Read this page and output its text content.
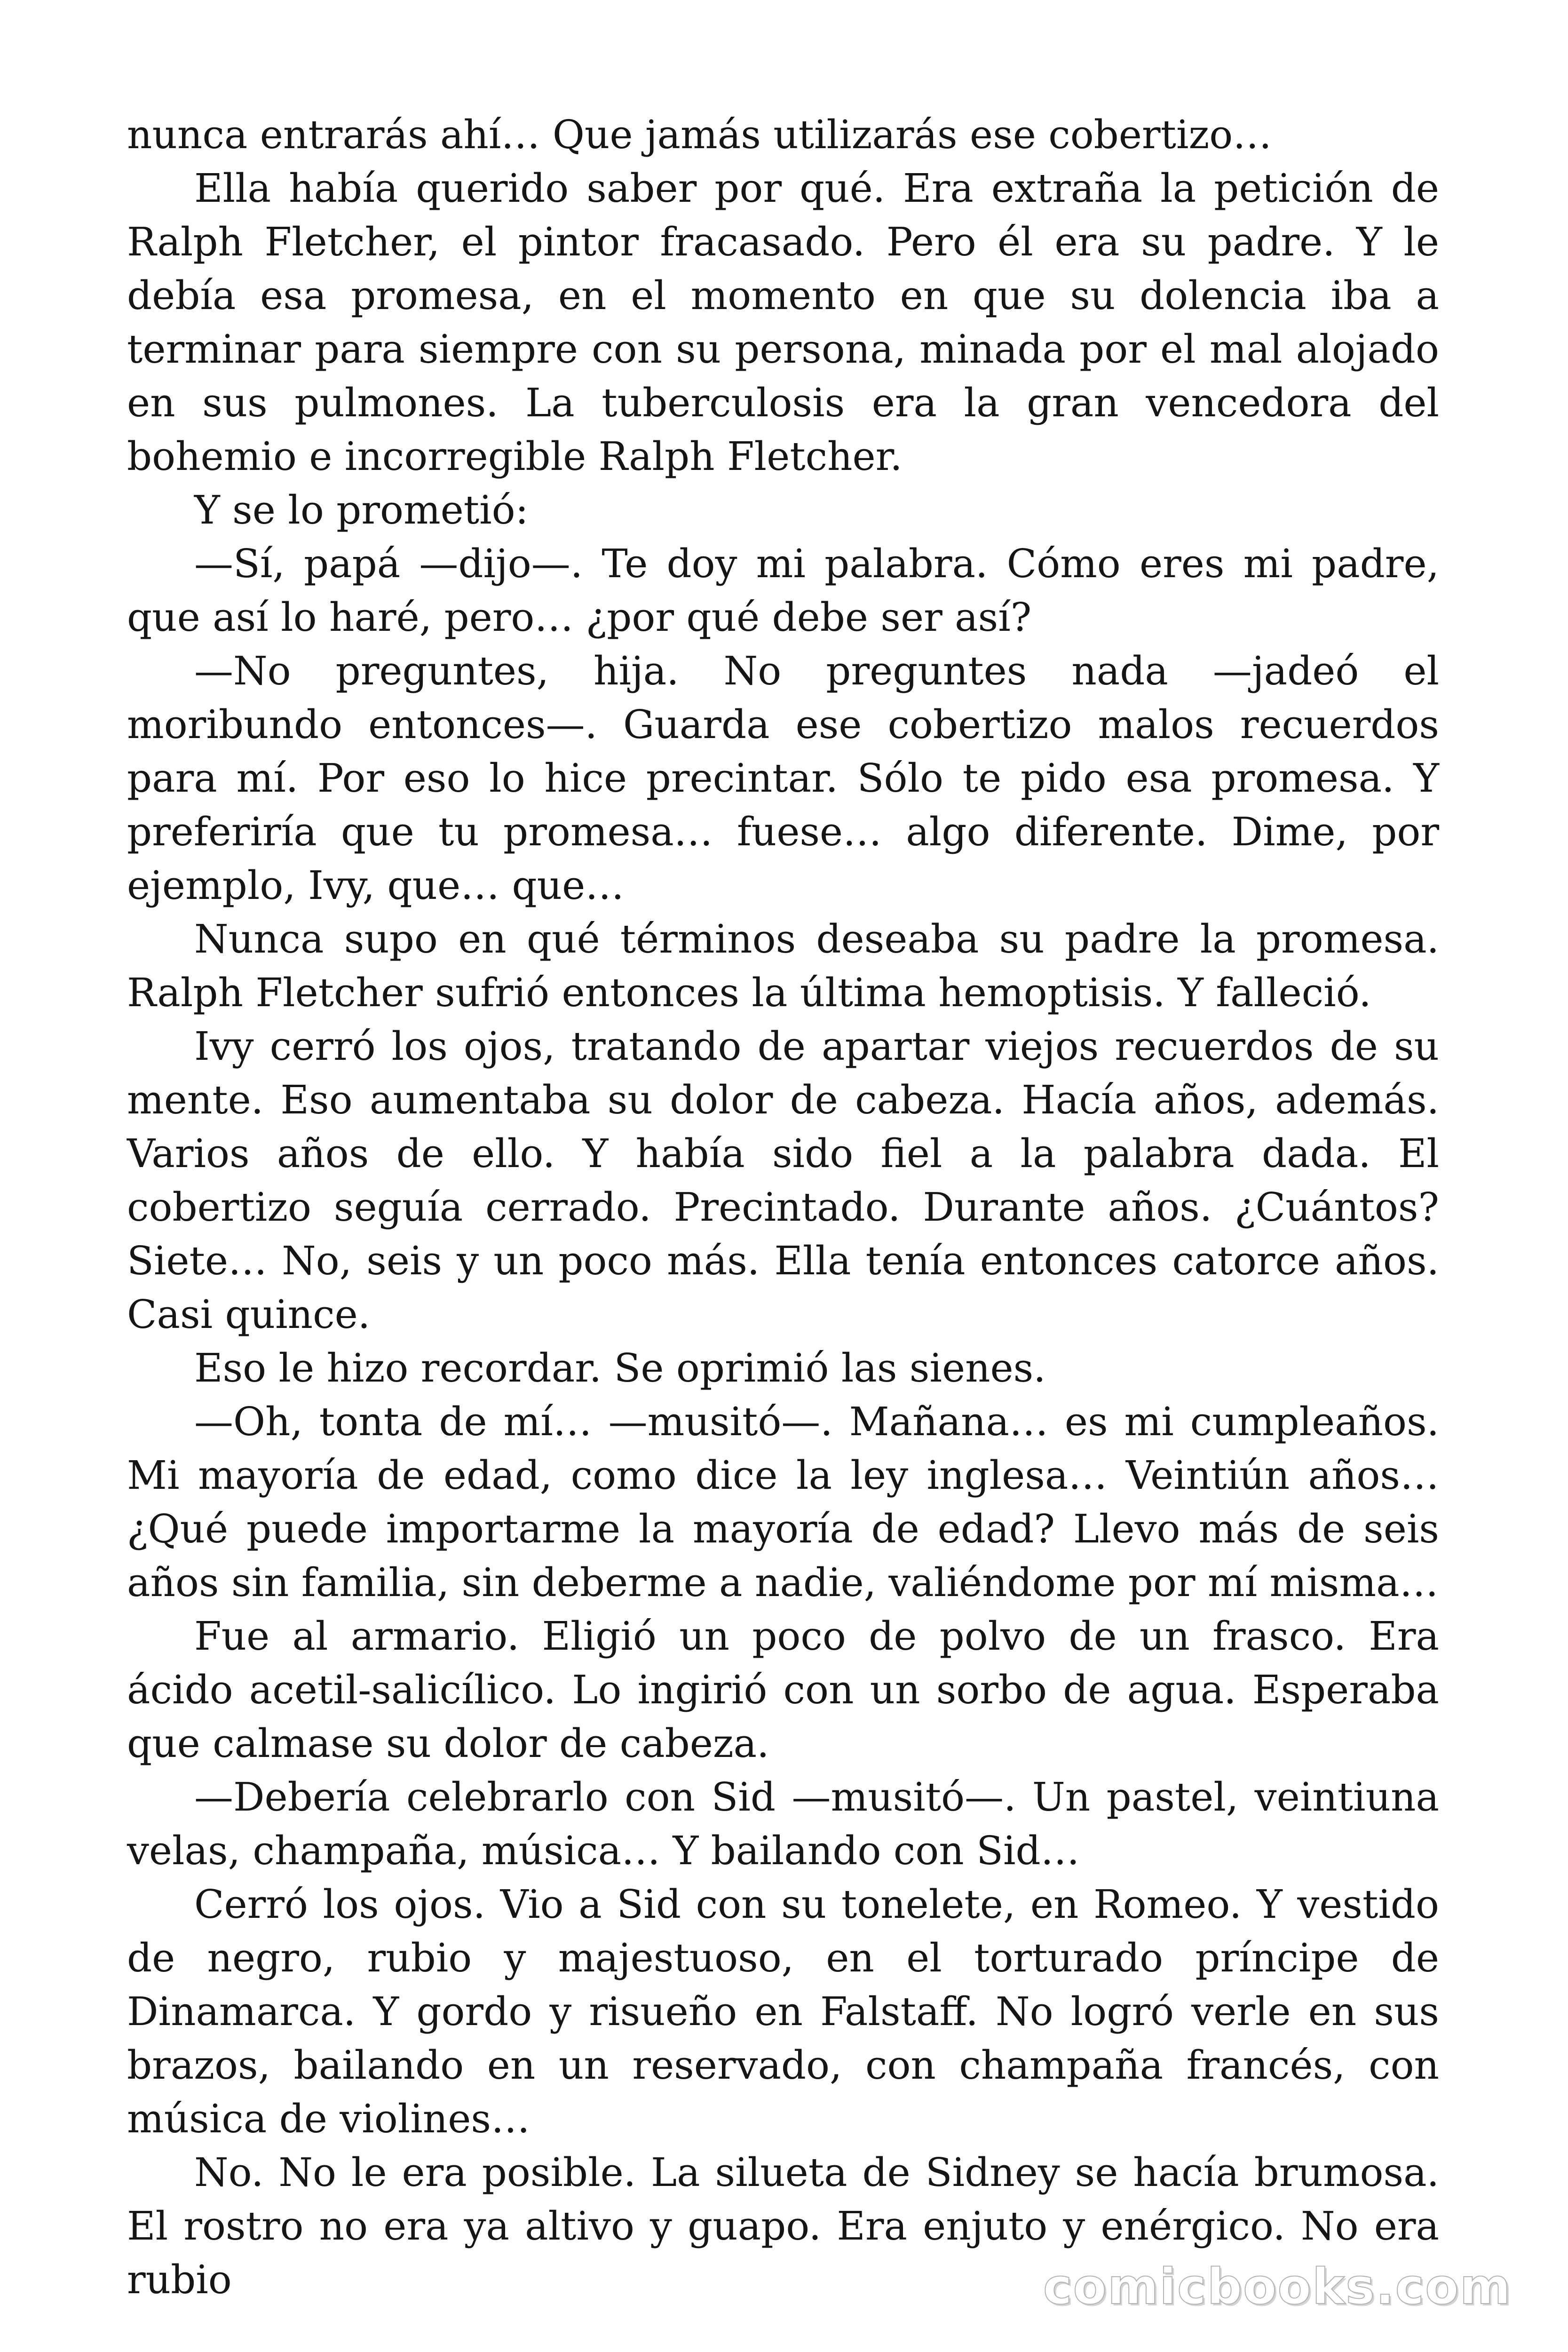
nunca entrarás ahí… Que jamás utilizarás ese cobertizo…

Ella había querido saber por qué. Era extraña la petición de Ralph Fletcher, el pintor fracasado. Pero él era su padre. Y le debía esa promesa, en el momento en que su dolencia iba a terminar para siempre con su persona, minada por el mal alojado en sus pulmones. La tuberculosis era la gran vencedora del bohemio e incorregible Ralph Fletcher.

Y se lo prometió:

—Sí, papá —dijo—. Te doy mi palabra. Cómo eres mi padre, que así lo haré, pero… ¿por qué debe ser así?

—No preguntes, hija. No preguntes nada —jadeó el moribundo entonces—. Guarda ese cobertizo malos recuerdos para mí. Por eso lo hice precintar. Sólo te pido esa promesa. Y preferiría que tu promesa… fuese… algo diferente. Dime, por ejemplo, Ivy, que… que…

Nunca supo en qué términos deseaba su padre la promesa. Ralph Fletcher sufrió entonces la última hemoptisis. Y falleció.

Ivy cerró los ojos, tratando de apartar viejos recuerdos de su mente. Eso aumentaba su dolor de cabeza. Hacía años, además. Varios años de ello. Y había sido fiel a la palabra dada. El cobertizo seguía cerrado. Precintado. Durante años. ¿Cuántos? Siete… No, seis y un poco más. Ella tenía entonces catorce años. Casi quince.

Eso le hizo recordar. Se oprimió las sienes.

—Oh, tonta de mí… —musitó—. Mañana… es mi cumpleaños. Mi mayoría de edad, como dice la ley inglesa… Veintiún años… ¿Qué puede importarme la mayoría de edad? Llevo más de seis años sin familia, sin deberme a nadie, valiéndome por mí misma…

Fue al armario. Eligió un poco de polvo de un frasco. Era ácido acetil-salicílico. Lo ingirió con un sorbo de agua. Esperaba que calmase su dolor de cabeza.

—Debería celebrarlo con Sid —musitó—. Un pastel, veintiuna velas, champaña, música… Y bailando con Sid…

Cerró los ojos. Vio a Sid con su tonelete, en Romeo. Y vestido de negro, rubio y majestuoso, en el torturado príncipe de Dinamarca. Y gordo y risueño en Falstaff. No logró verle en sus brazos, bailando en un reservado, con champaña francés, con música de violines…

No. No le era posible. La silueta de Sidney se hacía brumosa. El rostro no era ya altivo y guapo. Era enjuto y enérgico. No era rubio	comicbooks.com
